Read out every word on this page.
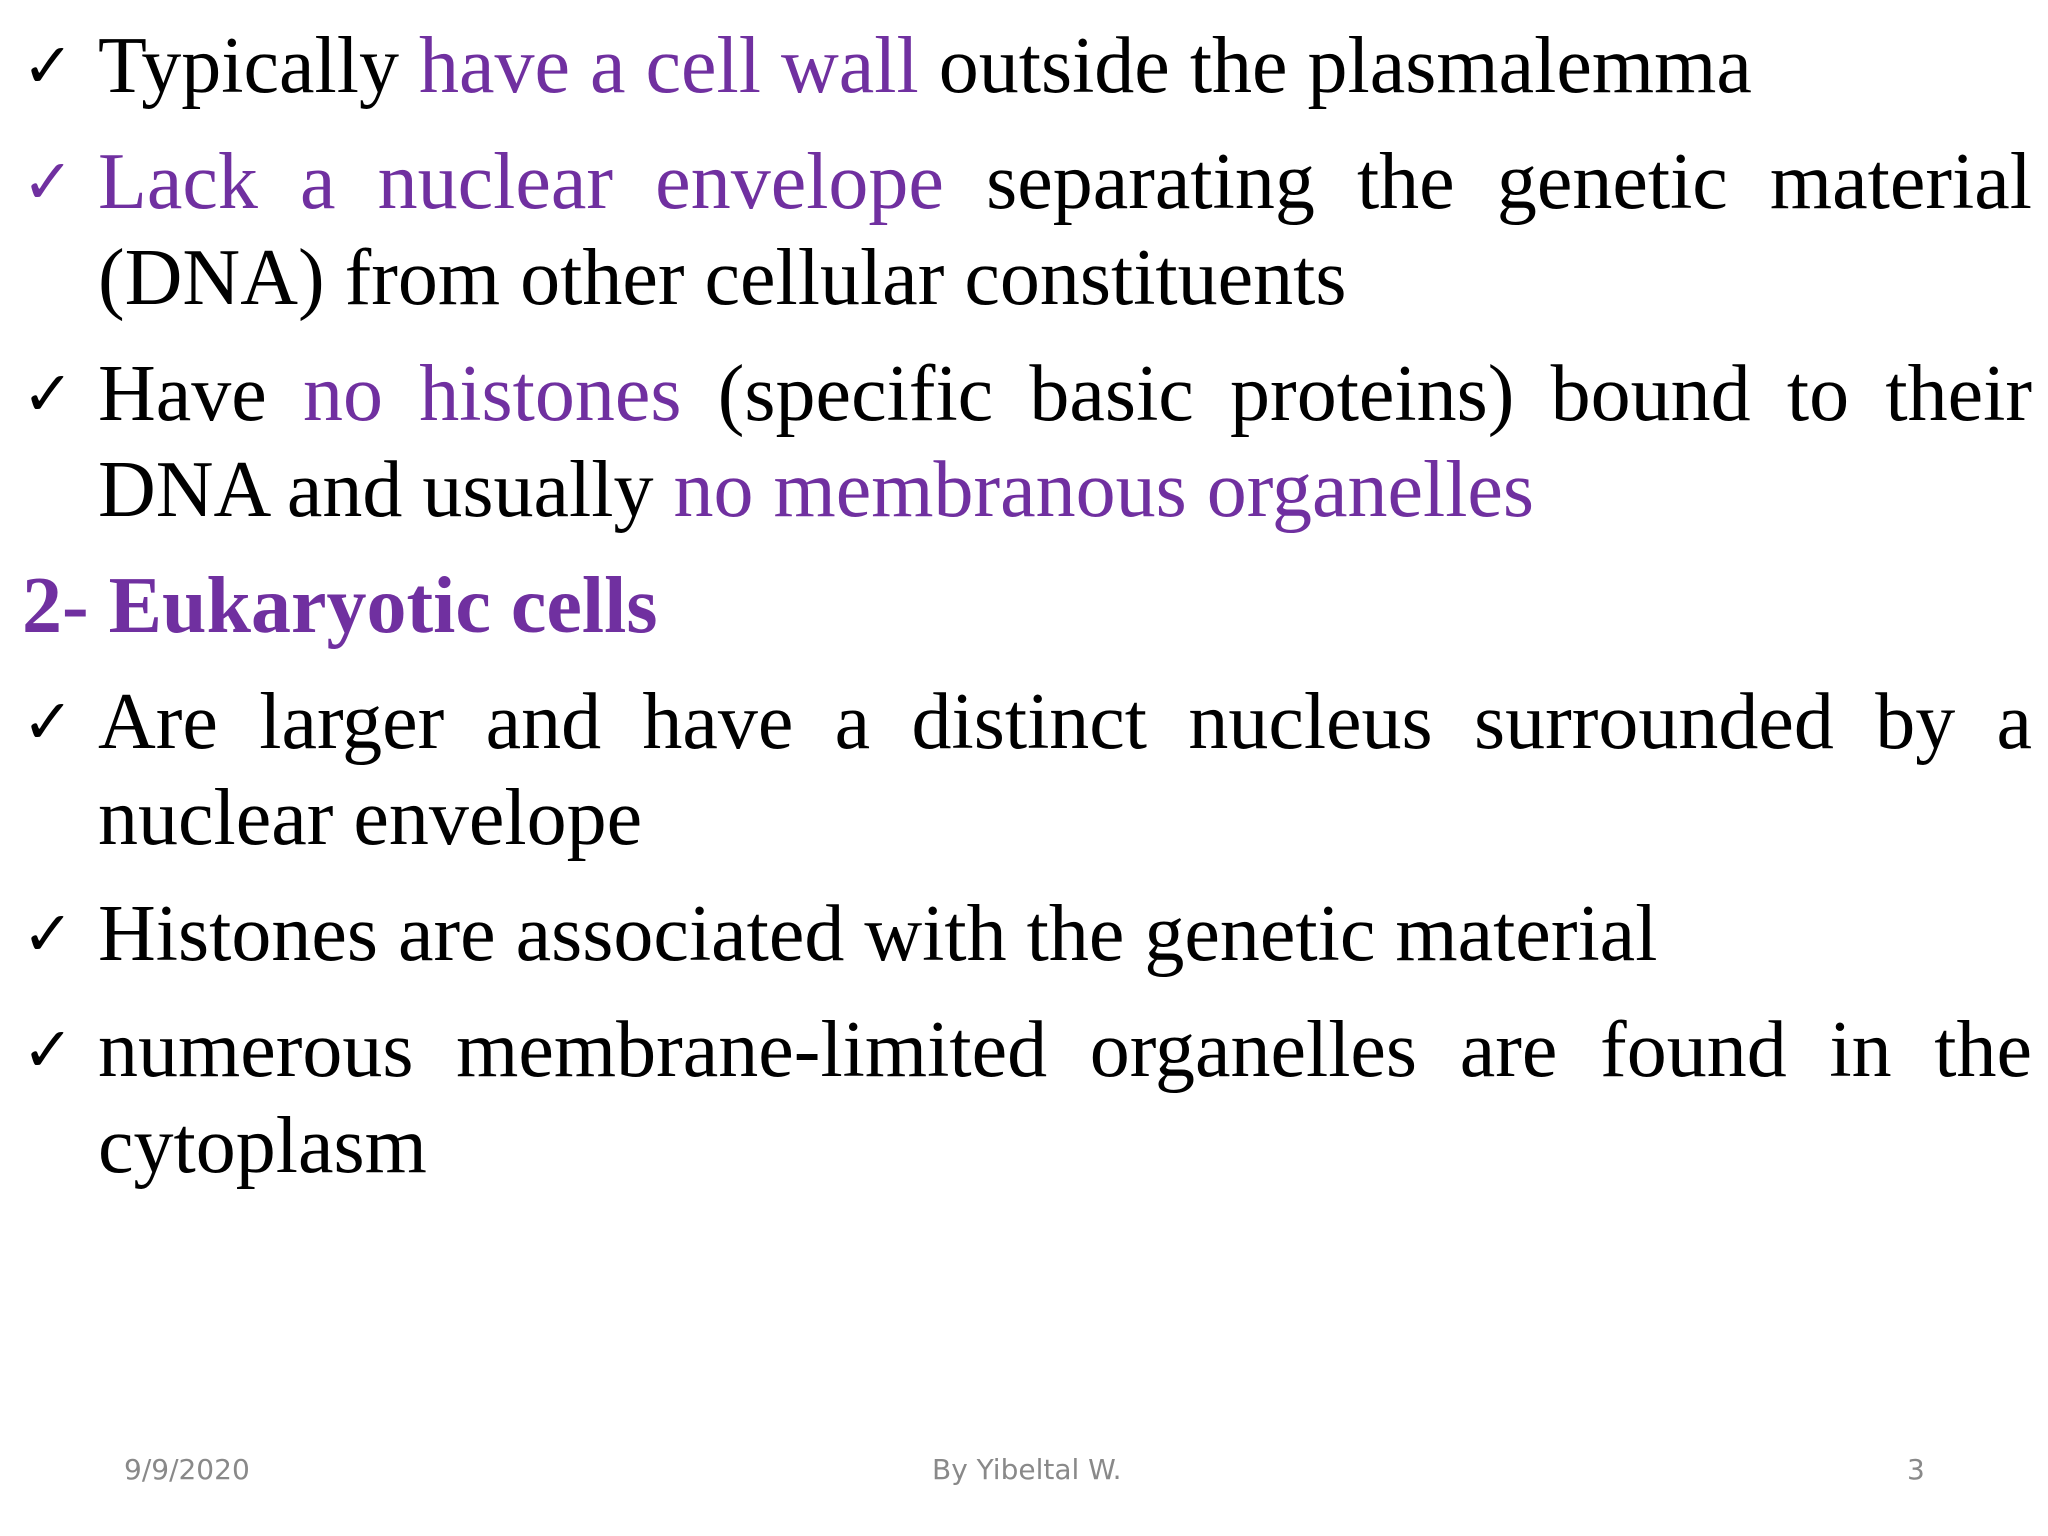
✓ Typically have a cell wall outside the plasmalemma

✓ Lack a nuclear envelope separating the genetic material (DNA) from other cellular constituents

✓ Have no histones (specific basic proteins) bound to their DNA and usually no membranous organelles

2- Eukaryotic cells

✓ Are larger and have a distinct nucleus surrounded by a nuclear envelope

✓ Histones are associated with the genetic material

✓ numerous membrane-limited organelles are found in the cytoplasm

9/9/2020	By Yibeltal W.	3
